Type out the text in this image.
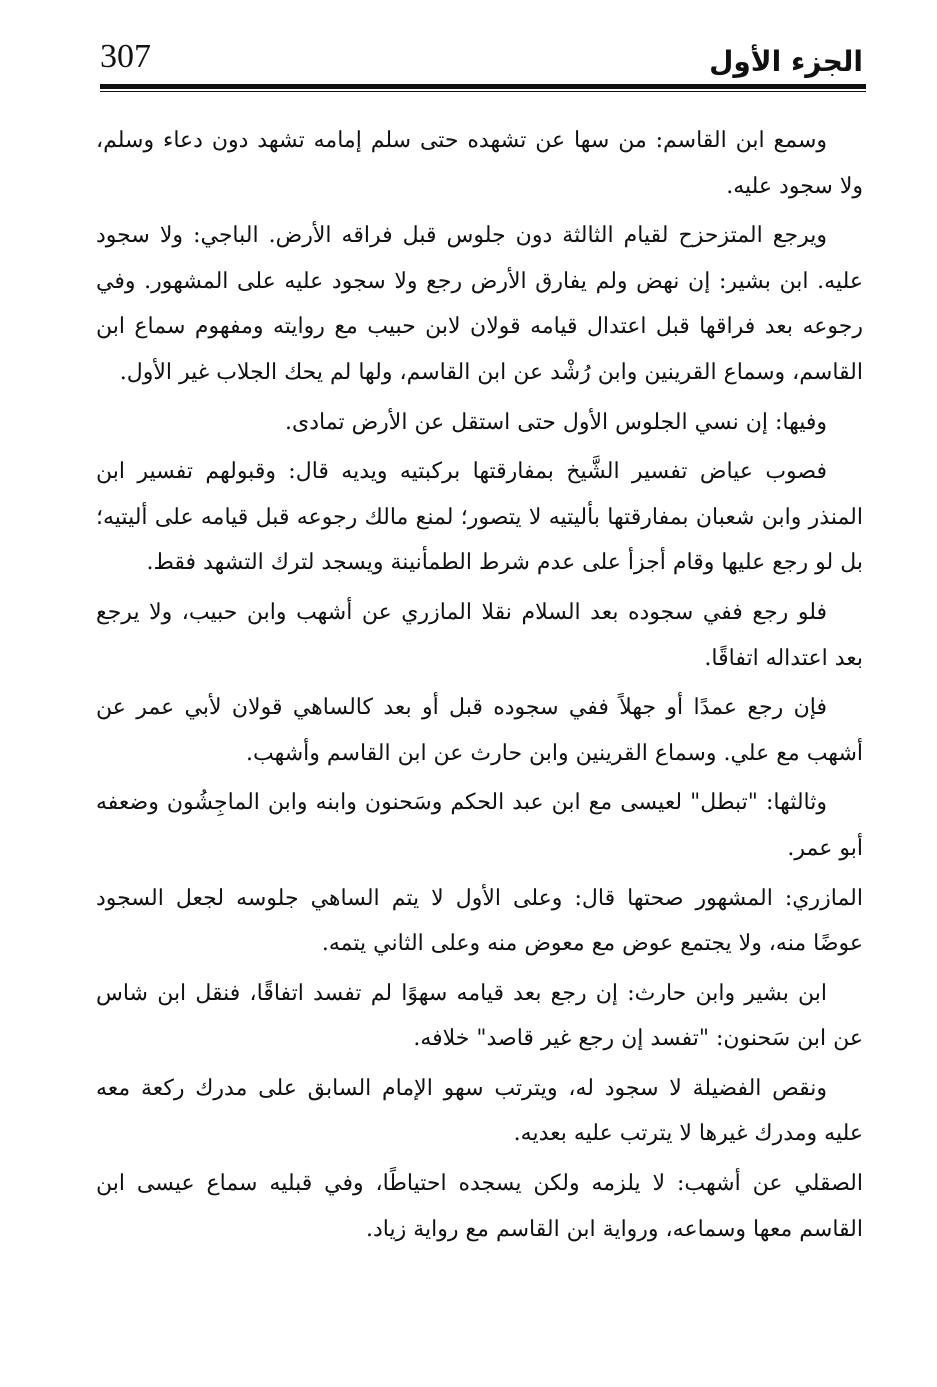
307	الجزء الأول

وسمع ابن القاسم: من سها عن تشهده حتى سلم إمامه تشهد دون دعاء وسلم، ولا سجود عليه.

ويرجع المتزحزح لقيام الثالثة دون جلوس قبل فراقه الأرض. الباجي: ولا سجود عليه. ابن بشير: إن نهض ولم يفارق الأرض رجع ولا سجود عليه على المشهور. وفي رجوعه بعد فراقها قبل اعتدال قيامه قولان لابن حبيب مع روايته ومفهوم سماع ابن القاسم، وسماع القرينين وابن رُشْد عن ابن القاسم، ولها لم يحك الجلاب غير الأول.

وفيها: إن نسي الجلوس الأول حتى استقل عن الأرض تمادى.

فصوب عياض تفسير الشَّيخ بمفارقتها بركبتيه ويديه قال: وقبولهم تفسير ابن المنذر وابن شعبان بمفارقتها بأليتيه لا يتصور؛ لمنع مالك رجوعه قبل قيامه على أليتيه؛ بل لو رجع عليها وقام أجزأ على عدم شرط الطمأنينة ويسجد لترك التشهد فقط.

فلو رجع ففي سجوده بعد السلام نقلا المازري عن أشهب وابن حبيب، ولا يرجع بعد اعتداله اتفاقًا.

فإن رجع عمدًا أو جهلاً ففي سجوده قبل أو بعد كالساهي قولان لأبي عمر عن أشهب مع علي. وسماع القرينين وابن حارث عن ابن القاسم وأشهب.

وثالثها: "تبطل" لعيسى مع ابن عبد الحكم وسَحنون وابنه وابن الماجِشُون وضعفه أبو عمر.

المازري: المشهور صحتها قال: وعلى الأول لا يتم الساهي جلوسه لجعل السجود عوضًا منه، ولا يجتمع عوض مع معوض منه وعلى الثاني يتمه.

ابن بشير وابن حارث: إن رجع بعد قيامه سهوًا لم تفسد اتفاقًا، فنقل ابن شاس عن ابن سَحنون: "تفسد إن رجع غير قاصد" خلافه.

ونقص الفضيلة لا سجود له، ويترتب سهو الإمام السابق على مدرك ركعة معه عليه ومدرك غيرها لا يترتب عليه بعديه.

الصقلي عن أشهب: لا يلزمه ولكن يسجده احتياطًا، وفي قبليه سماع عيسى ابن القاسم معها وسماعه، ورواية ابن القاسم مع رواية زياد.
